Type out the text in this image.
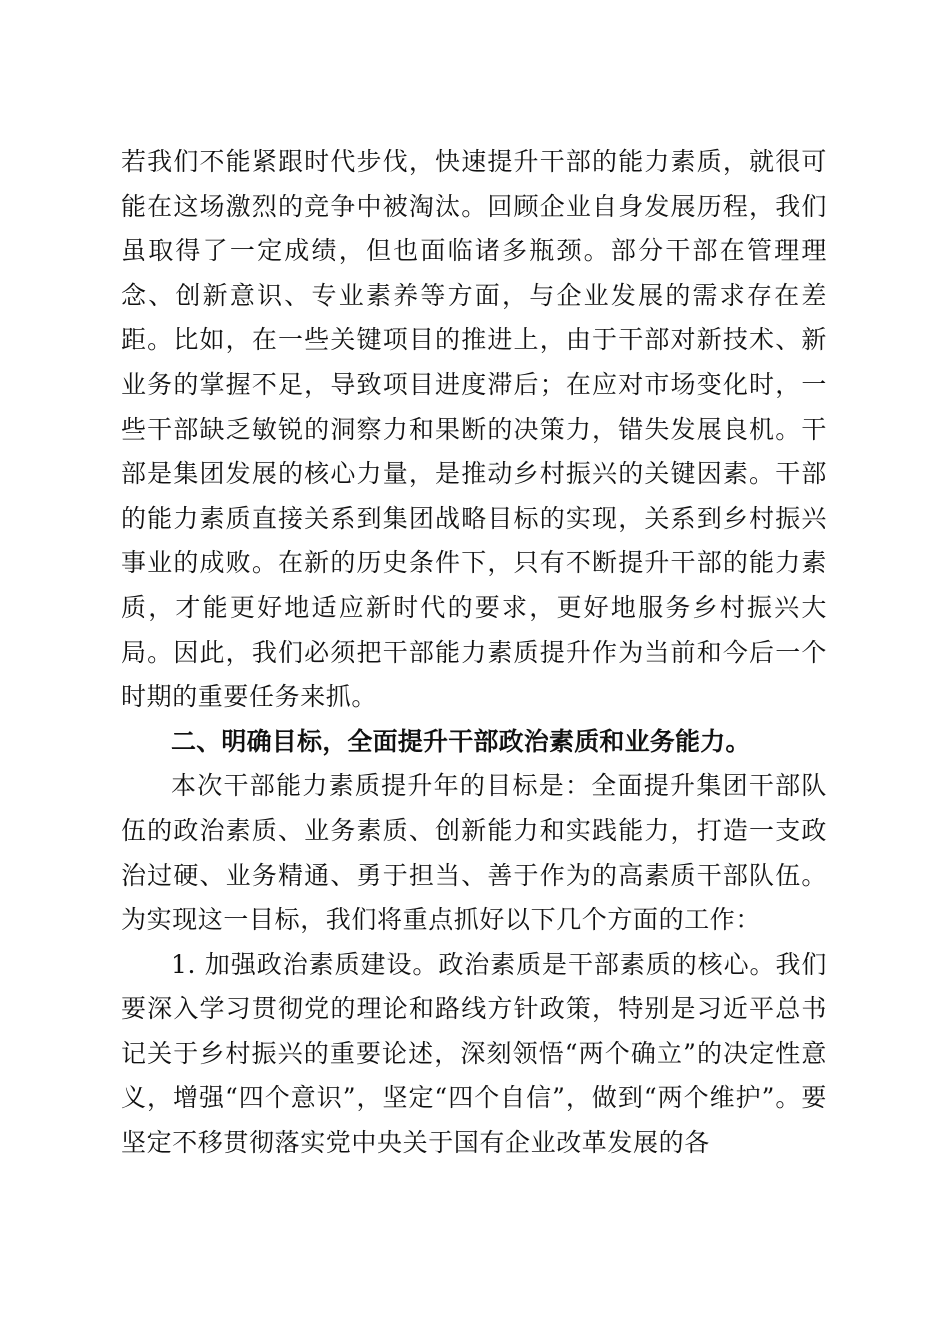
若我们不能紧跟时代步伐，快速提升干部的能力素质，就很可能在这场激烈的竞争中被淘汰。回顾企业自身发展历程，我们虽取得了一定成绩，但也面临诸多瓶颈。部分干部在管理理念、创新意识、专业素养等方面，与企业发展的需求存在差距。比如，在一些关键项目的推进上，由于干部对新技术、新业务的掌握不足，导致项目进度滞后；在应对市场变化时，一些干部缺乏敏锐的洞察力和果断的决策力，错失发展良机。干部是集团发展的核心力量，是推动乡村振兴的关键因素。干部的能力素质直接关系到集团战略目标的实现，关系到乡村振兴事业的成败。在新的历史条件下，只有不断提升干部的能力素质，才能更好地适应新时代的要求，更好地服务乡村振兴大局。因此，我们必须把干部能力素质提升作为当前和今后一个时期的重要任务来抓。

二、明确目标，全面提升干部政治素质和业务能力。

本次干部能力素质提升年的目标是：全面提升集团干部队伍的政治素质、业务素质、创新能力和实践能力，打造一支政治过硬、业务精通、勇于担当、善于作为的高素质干部队伍。为实现这一目标，我们将重点抓好以下几个方面的工作：

1. 加强政治素质建设。政治素质是干部素质的核心。我们要深入学习贯彻党的理论和路线方针政策，特别是习近平总书记关于乡村振兴的重要论述，深刻领悟“两个确立”的决定性意义，增强“四个意识”，坚定“四个自信”，做到“两个维护”。要坚定不移贯彻落实党中央关于国有企业改革发展的各
